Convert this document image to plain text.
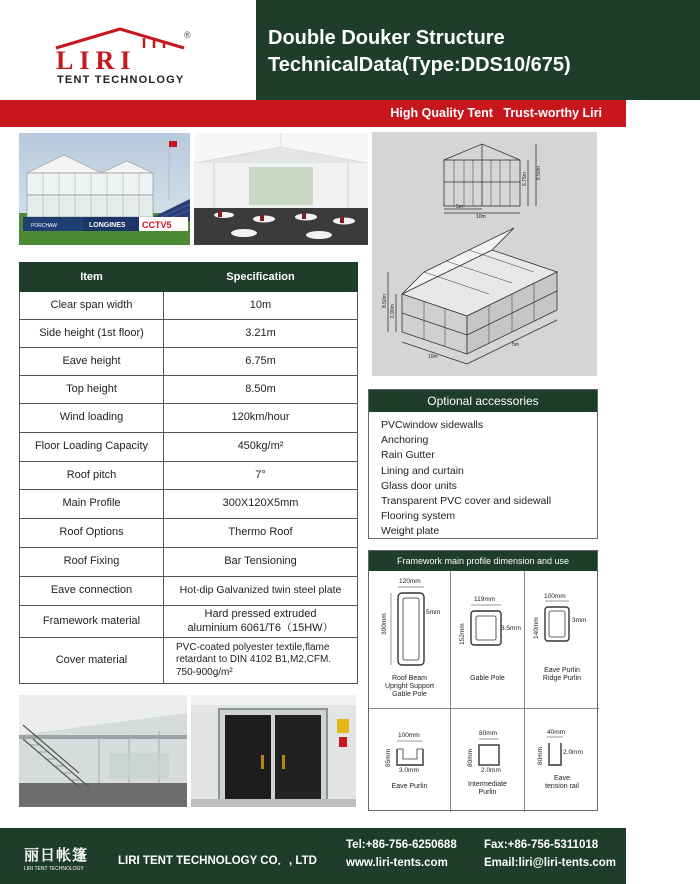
LIRI
®
TENT TECHNOLOGY
Double Douker Structure
TechnicalData(Type:DDS10/675)
High Quality Tent   Trust-worthy Liri
PORCHAW	LONGINES CCTV5
5m
10m
6.75m 8.50m
8.50m
6.90m
10m
5m
Item	Specification
Clear span width	10m
Side height (1st floor)	3.21m
Eave height	6.75m
Top height	8.50m
Wind loading	120km/hour
Floor Loading Capacity	450kg/m²
Roof pitch	7°
Main Profile	300X120X5mm
Roof Options	Thermo Roof
Roof Fixing	Bar Tensioning
Eave connection	Hot-dip Galvanized twin steel plate
Framework material	Hard pressed extruded aluminium 6061/T6（15HW）
Cover material	PVC-coated polyester textile,flame retardant to DIN 4102 B1,M2,CFM. 750-900g/m²
Optional accessories
PVCwindow sidewalls
Anchoring
Rain Gutter
Lining and curtain
Glass door units
Transparent PVC cover and sidewall
Flooring system
Weight plate
Framework main profile dimension and use
120mm
300mm
5mm
Roof Beam
Upright Support
Gable Pole
119mm
152mm	3.5mm
Gable Pole
100mm
140mm	3mm
Eave Purlin
Ridge Purlin
100mm
85mm
3.0mm
Eave Purlin
80mm
80mm
2.0mm
Intermediate
Purlin
40mm
80mm	2.0mm
Eave
tension rail
丽日帐篷
LIRI TENT TECHNOLOGY
LIRI TENT TECHNOLOGY CO．, LTD
Tel:+86-756-6250688 Fax:+86-756-5311018
www.liri-tents.com	Email:liri@liri-tents.com
